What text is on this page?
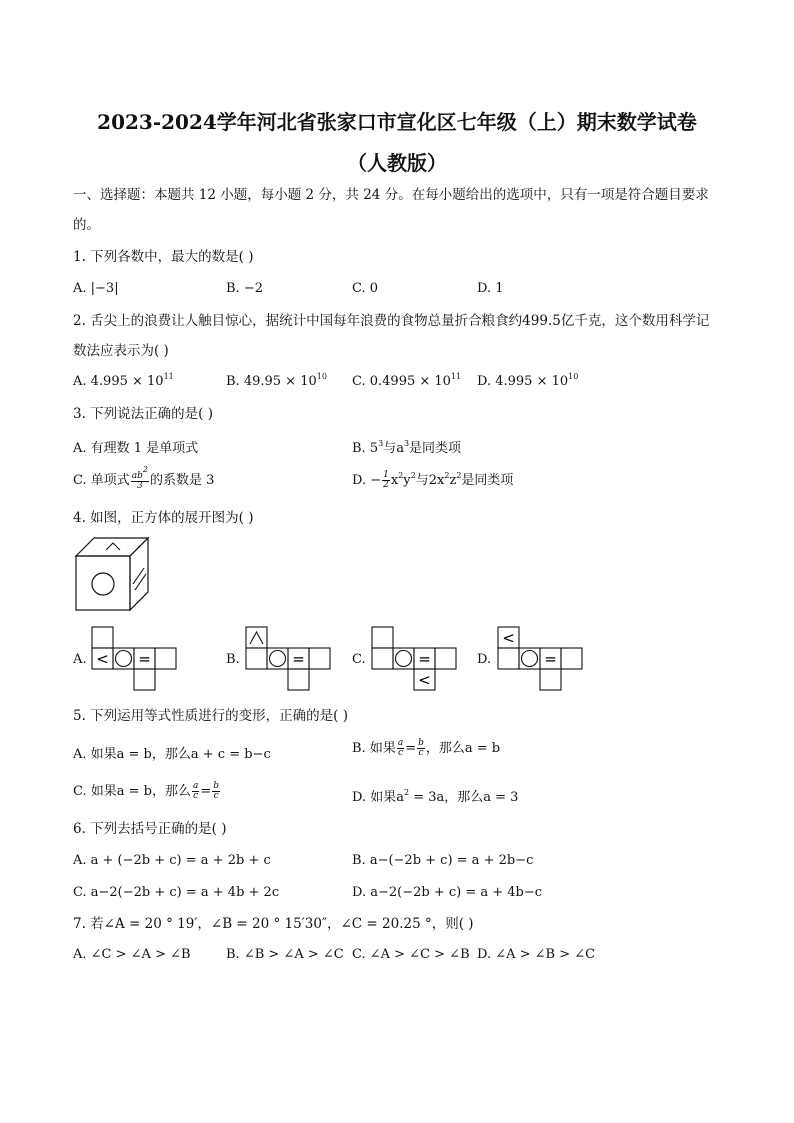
2023-2024学年河北省张家口市宣化区七年级（上）期末数学试卷
（人教版）
一、选择题：本题共 12 小题，每小题 2 分，共 24 分。在每小题给出的选项中，只有一项是符合题目要求
的。
1. 下列各数中，最大的数是( )
A. |−3|	B. −2	C. 0	D. 1
2. 舌尖上的浪费让人触目惊心，据统计中国每年浪费的食物总量折合粮食约499.5亿千克，这个数用科学记
数法应表示为( )
A. $4.995 \times 10^{11}$	B. $49.95 \times 10^{10}$ C. $0.4995 \times 10^{11}$ D. $4.995 \times 10^{10}$
3. 下列说法正确的是( )
A. 有理数 1 是单项式	B. $5^3$与$a^3$是同类项
C. 单项式 $\frac{ab^2}{3}$ 的系数是 3	D. − $\frac{1}{2} x^2y^2$与$2x^2z^2$是同类项
4. 如图，正方体的展开图为( )
A. < =	B.	=	C.	=
<
D.
<
=
5. 下列运用等式性质进行的变形，正确的是( )
A. 如果a = b，那么a + c = b−c	B. 如果 $\frac{a}{c} = \frac{b}{c}$ ，那么a = b
C. 如果a = b，那么 $\frac{a}{c} = \frac{b}{c}$	D. 如果$a^2 = 3a$，那么a = 3
6. 下列去括号正确的是( )
A. a + (−2b + c) = a + 2b + c	B. a−(−2b + c) = a + 2b−c
C. a−2(−2b + c) = a + 4b + 2c	D. a−2(−2b + c) = a + 4b−c
7. 若∠A = 20 ° 19′，∠B = 20 ° 15′30″，∠C = 20.25 °，则( )
A. ∠C > ∠A > ∠B	B. ∠B > ∠A > ∠C C. ∠A > ∠C > ∠B D. ∠A > ∠B > ∠C
